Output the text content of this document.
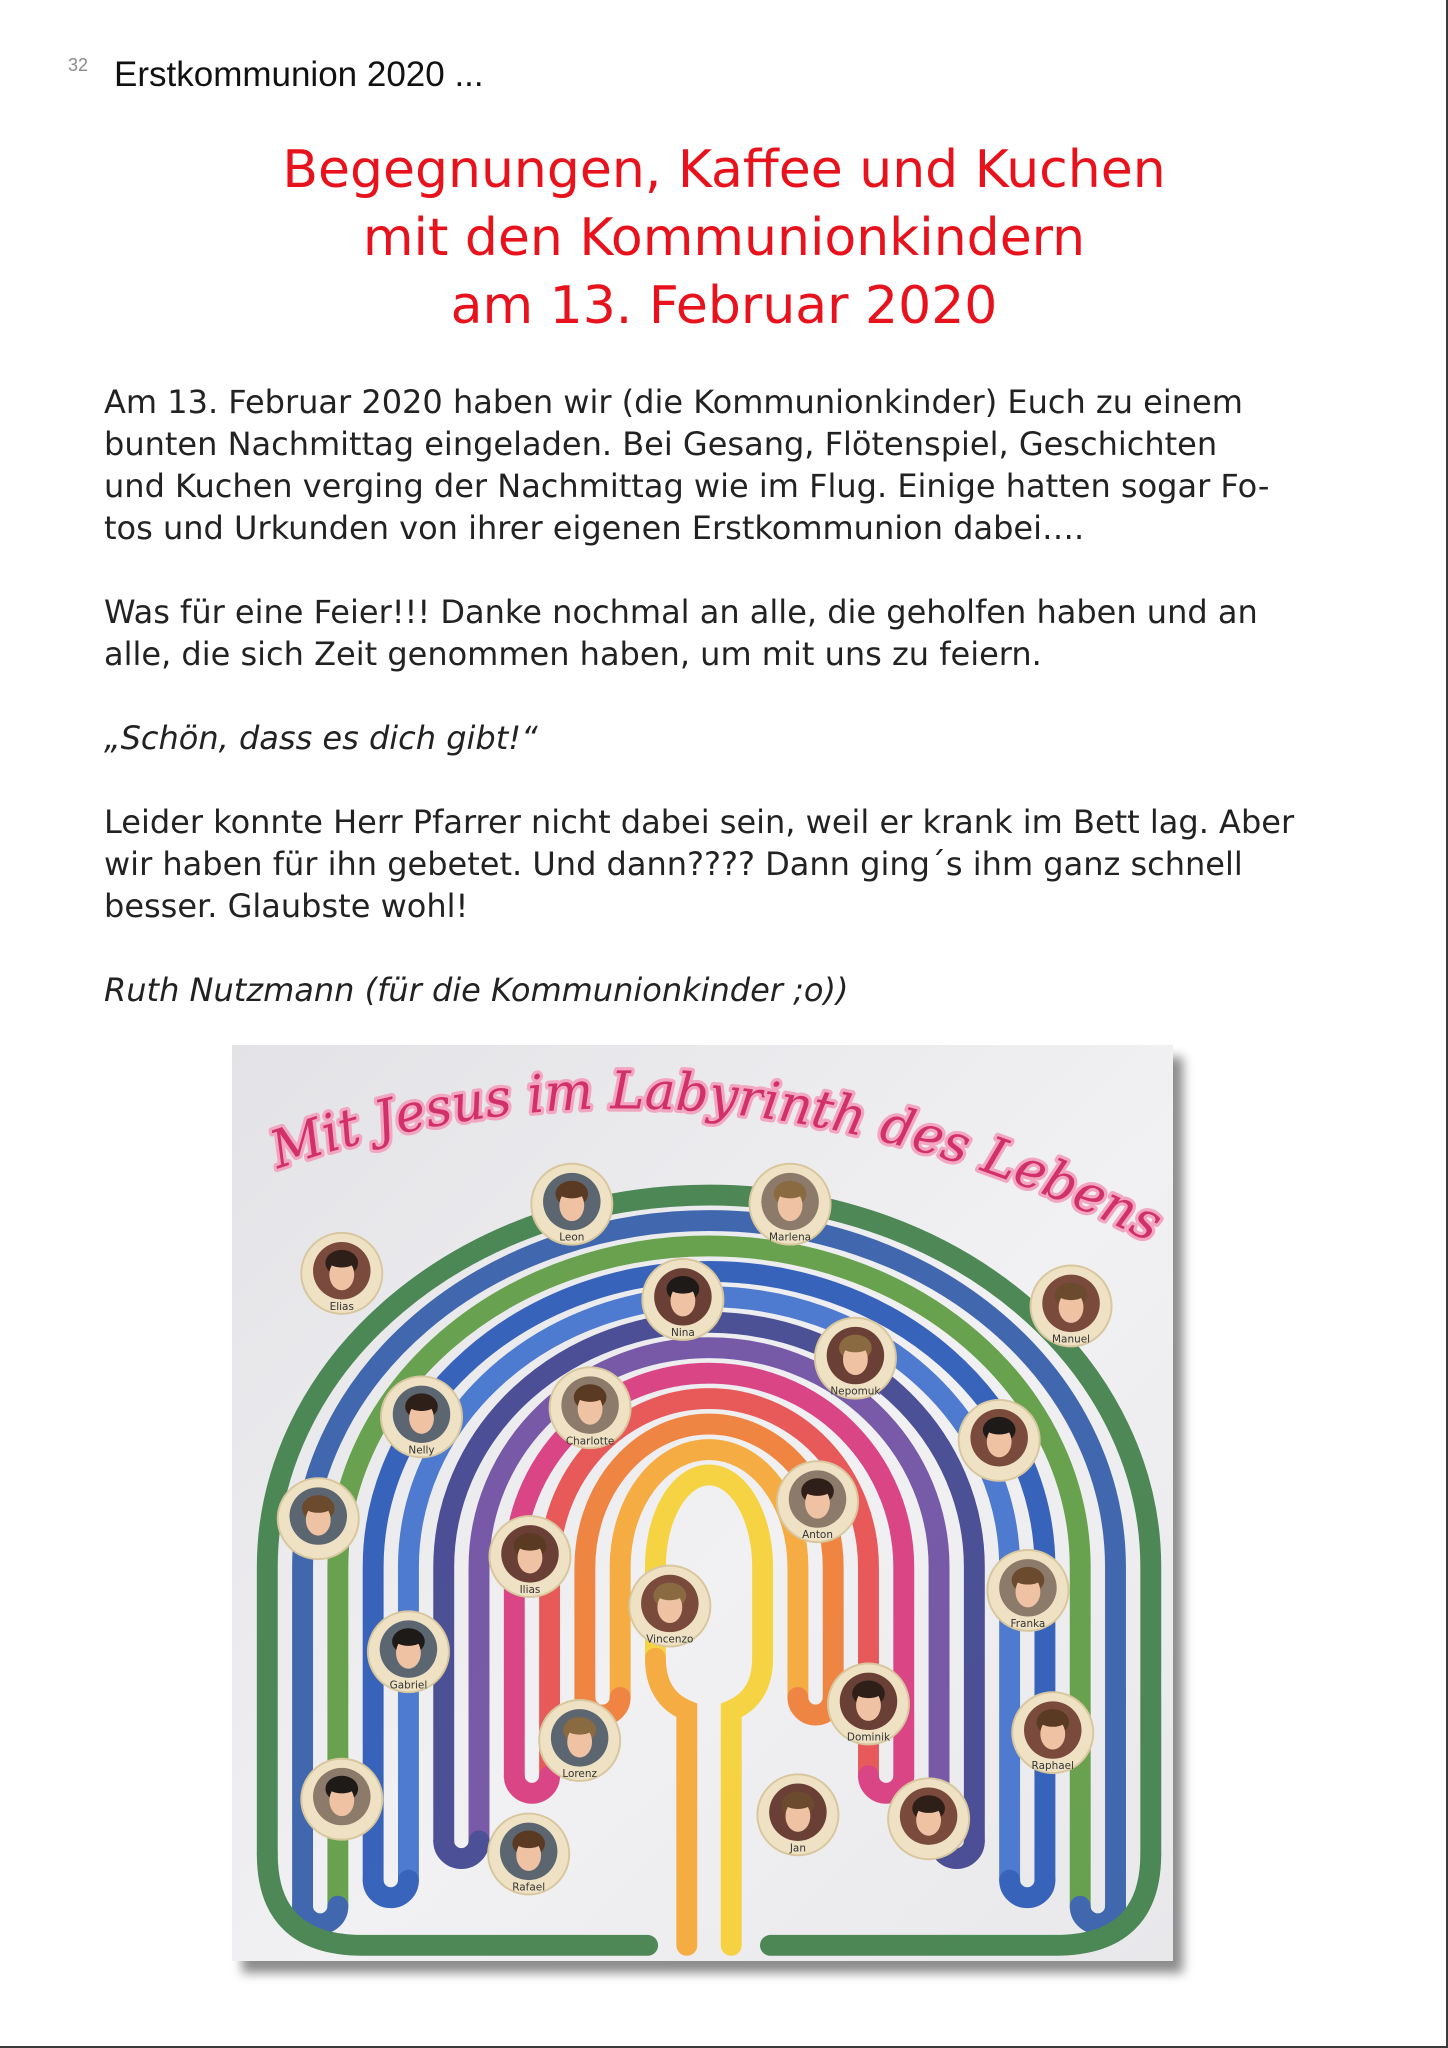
32 Erstkommunion 2020 ...
Begegnungen, Kaffee und Kuchen
mit den Kommunionkindern
am 13. Februar 2020
Am 13. Februar 2020 haben wir (die Kommunionkinder) Euch zu einem
bunten Nachmittag eingeladen. Bei Gesang, Flötenspiel, Geschichten
und Kuchen verging der Nachmittag wie im Flug. Einige hatten sogar Fo-
tos und Urkunden von ihrer eigenen Erstkommunion dabei….
Was für eine Feier!!! Danke nochmal an alle, die geholfen haben und an
alle, die sich Zeit genommen haben, um mit uns zu feiern.
„Schön, dass es dich gibt!“
Leider konnte Herr Pfarrer nicht dabei sein, weil er krank im Bett lag. Aber
wir haben für ihn gebetet. Und dann???? Dann ging´s ihm ganz schnell
besser. Glaubste wohl!
Ruth Nutzmann (für die Kommunionkinder ;o))
Mit Jesus im Labyrinth des Lebens
Elias
Leon	Marlena
Nina
Manuel
Nelly
Charlotte
Nepomuk
Anton
Ilias
Vincenzo
Gabriel
Franka
Dominik
Raphael
Lorenz
Jan
Rafael
